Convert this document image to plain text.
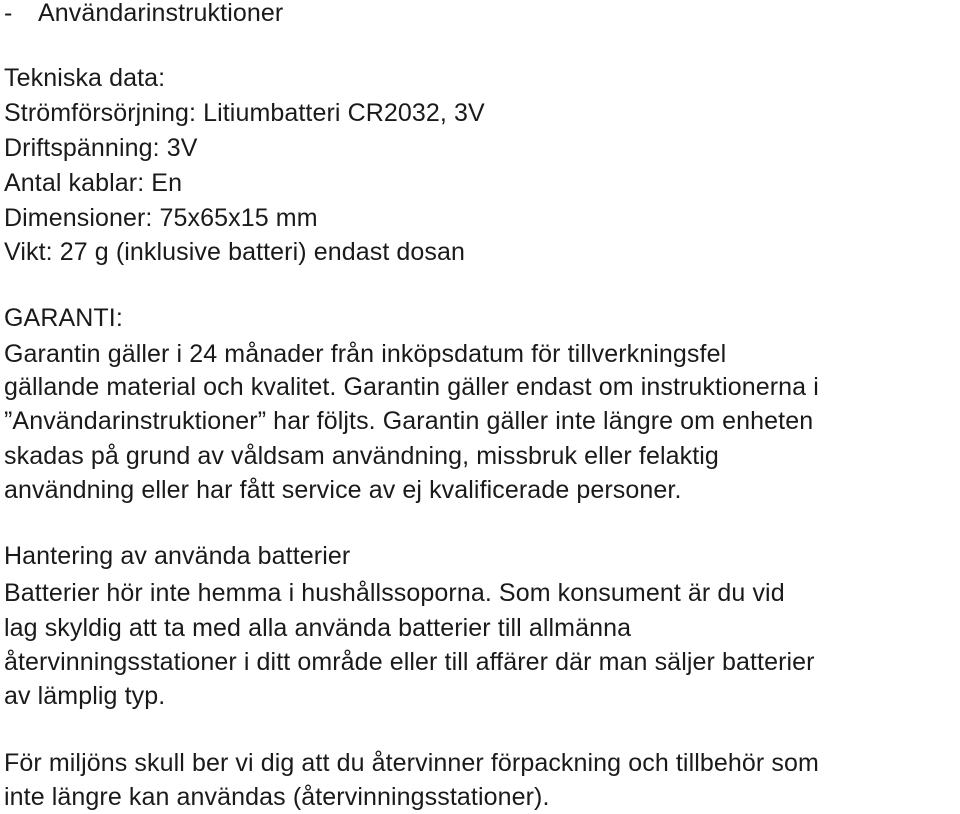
- Användarinstruktioner
Tekniska data:
Strömförsörjning: Litiumbatteri CR2032, 3V
Driftspänning: 3V
Antal kablar: En
Dimensioner: 75x65x15 mm
Vikt: 27 g (inklusive batteri) endast dosan
GARANTI:
Garantin gäller i 24 månader från inköpsdatum för tillverkningsfel
gällande material och kvalitet. Garantin gäller endast om instruktionerna i
”Användarinstruktioner” har följts. Garantin gäller inte längre om enheten
skadas på grund av våldsam användning, missbruk eller felaktig
användning eller har fått service av ej kvalificerade personer.
Hantering av använda batterier
Batterier hör inte hemma i hushållssoporna. Som konsument är du vid
lag skyldig att ta med alla använda batterier till allmänna
återvinningsstationer i ditt område eller till affärer där man säljer batterier
av lämplig typ.
För miljöns skull ber vi dig att du återvinner förpackning och tillbehör som
inte längre kan användas (återvinningsstationer).
